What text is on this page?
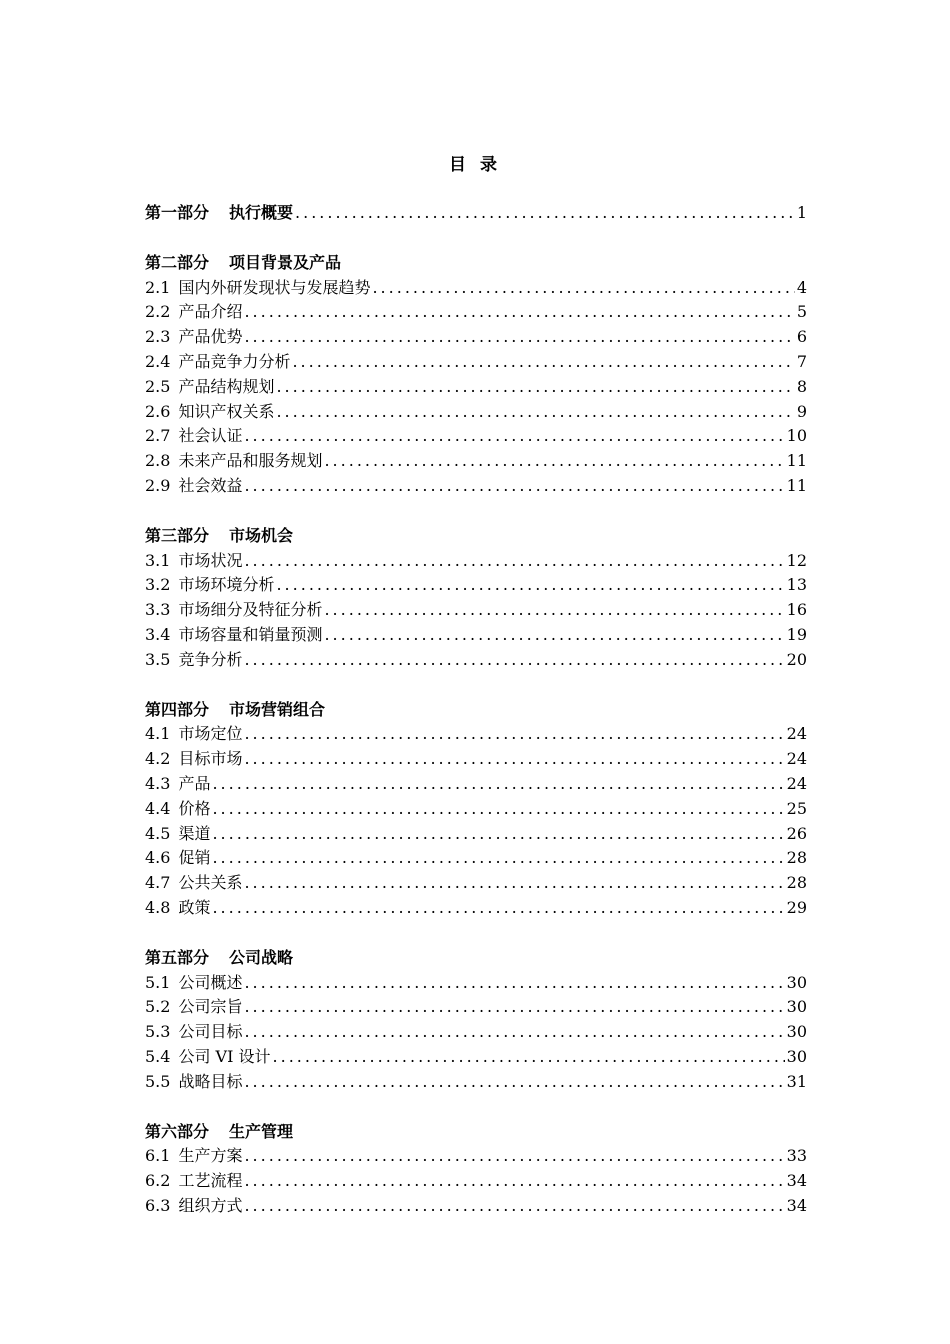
目 录
第一部分 执行概要 .....	1
第二部分 项目背景及产品
2.1 国内外研发现状与发展趋势 .....	4
2.2 产品介绍 .....	5
2.3 产品优势 .....	6
2.4 产品竞争力分析 .....	7
2.5 产品结构规划 .....	8
2.6 知识产权关系 .....	9
2.7 社会认证 .....	10
2.8 未来产品和服务规划 .....	11
2.9 社会效益 .....	11
第三部分 市场机会
3.1 市场状况 .....	12
3.2 市场环境分析 .....	13
3.3 市场细分及特征分析 .....	16
3.4 市场容量和销量预测 .....	19
3.5 竞争分析 .....	20
第四部分 市场营销组合
4.1 市场定位 .....	24
4.2 目标市场 .....	24
4.3 产品 .....	24
4.4 价格 .....	25
4.5 渠道 .....	26
4.6 促销 .....	28
4.7 公共关系 .....	28
4.8 政策 .....	29
第五部分 公司战略
5.1 公司概述 .....	30
5.2 公司宗旨 .....	30
5.3 公司目标 .....	30
5.4 公司 VI 设计 .....	30
5.5 战略目标 .....	31
第六部分 生产管理
6.1 生产方案 .....	33
6.2 工艺流程 .....	34
6.3 组织方式 .....	34
